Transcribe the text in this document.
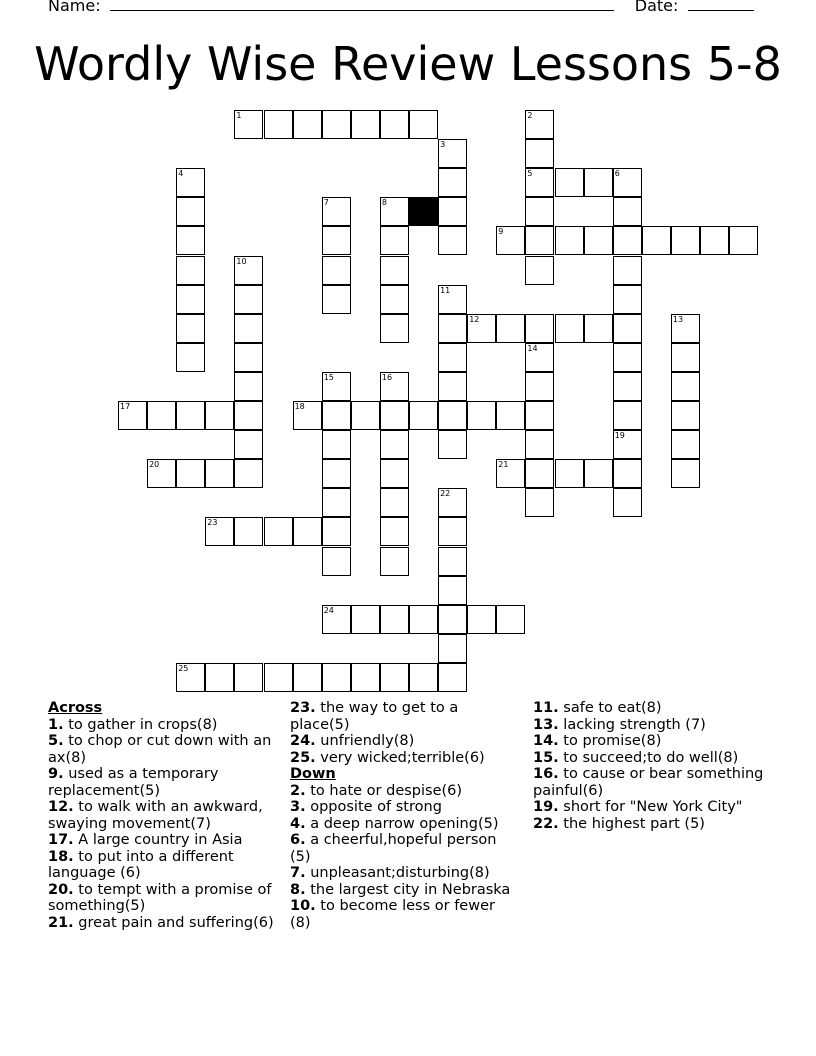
Name:	Date:
Wordly Wise Review Lessons 5-8
1
5
9
12
17	18
20	21
23
24
25
2
3
4	6
7	8
10
11
13
14
15	16
19
22
Across
1. to gather in crops(8)
5. to chop or cut down with an ax(8)
9. used as a temporary replacement(5)
12. to walk with an awkward, swaying movement(7)
17. A large country in Asia
18. to put into a different language (6)
20. to tempt with a promise of something(5)
21. great pain and suffering(6)
23. the way to get to a place(5)
24. unfriendly(8)
25. very wicked;terrible(6)
Down
2. to hate or despise(6)
3. opposite of strong
4. a deep narrow opening(5)
6. a cheerful,hopeful person (5)
7. unpleasant;disturbing(8)
8. the largest city in Nebraska
10. to become less or fewer (8)
11. safe to eat(8)
13. lacking strength (7)
14. to promise(8)
15. to succeed;to do well(8)
16. to cause or bear something painful(6)
19. short for "New York City"
22. the highest part (5)
